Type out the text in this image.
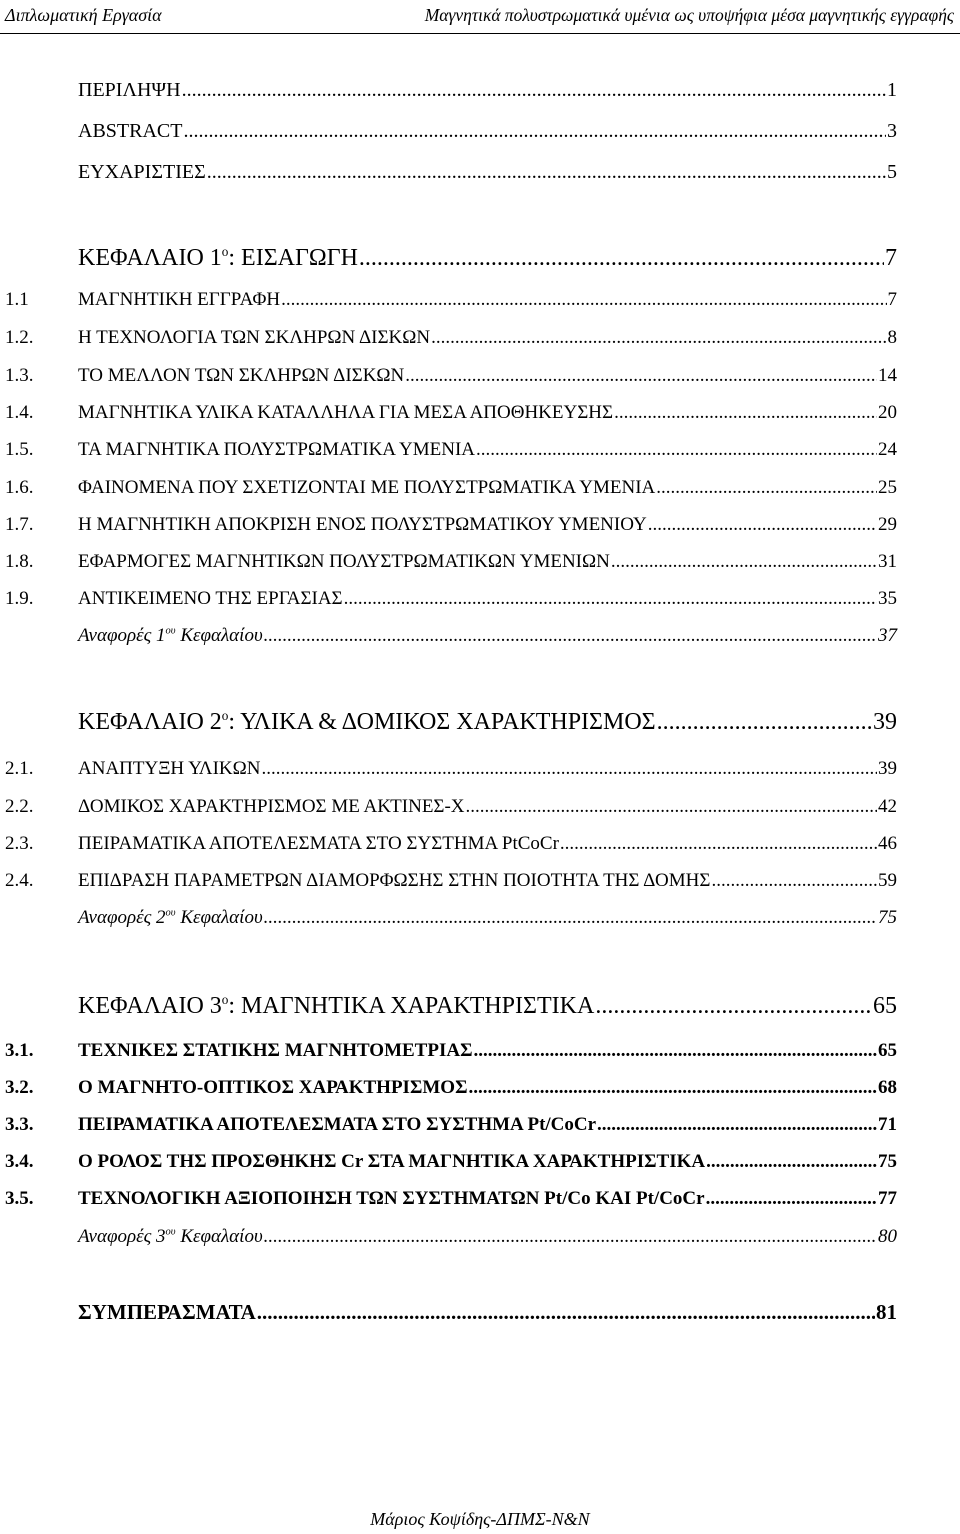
Διπλωματική Εργασία	Μαγνητικά πολυστρωματικά υμένια ως υποψήφια μέσα μαγνητικής εγγραφής
ΠΕΡΙΛΗΨΗ .....	1
ABSTRACT .....	3
ΕΥΧΑΡΙΣΤΙΕΣ .....	5
ΚΕΦΑΛΑΙΟ $1^o$: ΕΙΣΑΓΩΓΗ .....	7
1.1	ΜΑΓΝΗΤΙΚΗ ΕΓΓΡΑΦΗ .....	7
1.2. Η ΤΕΧΝΟΛΟΓΙΑ ΤΩΝ ΣΚΛΗΡΩΝ ΔΙΣΚΩΝ .....	8
1.3. ΤΟ ΜΕΛΛΟΝ ΤΩΝ ΣΚΛΗΡΩΝ ΔΙΣΚΩΝ .....	14
1.4. ΜΑΓΝΗΤΙΚΑ ΥΛΙΚΑ ΚΑΤΑΛΛΗΛΑ ΓΙΑ ΜΕΣΑ ΑΠΟΘΗΚΕΥΣΗΣ .....	20
1.5. ΤΑ ΜΑΓΝΗΤΙΚΑ ΠΟΛΥΣΤΡΩΜΑΤΙΚΑ ΥΜΕΝΙΑ .....	24
1.6. ΦΑΙΝΟΜΕΝΑ ΠΟΥ ΣΧΕΤΙΖΟΝΤΑΙ ΜΕ ΠΟΛΥΣΤΡΩΜΑΤΙΚΑ ΥΜΕΝΙΑ .....	25
1.7. Η ΜΑΓΝΗΤΙΚΗ ΑΠΟΚΡΙΣΗ ΕΝΟΣ ΠΟΛΥΣΤΡΩΜΑΤΙΚΟΥ ΥΜΕΝΙΟΥ .....	29
1.8. ΕΦΑΡΜΟΓΕΣ ΜΑΓΝΗΤΙΚΩΝ ΠΟΛΥΣΤΡΩΜΑΤΙΚΩΝ ΥΜΕΝΙΩΝ .....	31
1.9. ΑΝΤΙΚΕΙΜΕΝΟ ΤΗΣ ΕΡΓΑΣΙΑΣ .....	35
Αναφορές $1^{o\upsilon}$ Κεφαλαίου .....	37
ΚΕΦΑΛΑΙΟ $2^o$: ΥΛΙΚΑ & ΔΟΜΙΚΟΣ ΧΑΡΑΚΤΗΡΙΣΜΟΣ .....	39
2.1. ΑΝΑΠΤΥΞΗ ΥΛΙΚΩΝ .....	39
2.2. ΔΟΜΙΚΟΣ ΧΑΡΑΚΤΗΡΙΣΜΟΣ ΜΕ ΑΚΤΙΝΕΣ-Χ .....	42
2.3. ΠΕΙΡΑΜΑΤΙΚΑ ΑΠΟΤΕΛΕΣΜΑΤΑ ΣΤΟ ΣΥΣΤΗΜΑ PtCoCr .....	46
2.4. ΕΠΙΔΡΑΣΗ ΠΑΡΑΜΕΤΡΩΝ ΔΙΑΜΟΡΦΩΣΗΣ ΣΤΗΝ ΠΟΙΟΤΗΤΑ ΤΗΣ ΔΟΜΗΣ .....	59
Αναφορές $2^{o\upsilon}$ Κεφαλαίου .....	75
ΚΕΦΑΛΑΙΟ $3^o$: ΜΑΓΝΗΤΙΚΑ ΧΑΡΑΚΤΗΡΙΣΤΙΚΑ .....	65
3.1. ΤΕΧΝΙΚΕΣ ΣΤΑΤΙΚΗΣ ΜΑΓΝΗΤΟΜΕΤΡΙΑΣ .....	65
3.2. Ο ΜΑΓΝΗΤΟ-ΟΠΤΙΚΟΣ ΧΑΡΑΚΤΗΡΙΣΜΟΣ .....	68
3.3. ΠΕΙΡΑΜΑΤΙΚΑ ΑΠΟΤΕΛΕΣΜΑΤΑ ΣΤΟ ΣΥΣΤΗΜΑ Pt/CoCr .....	71
3.4. Ο ΡΟΛΟΣ ΤΗΣ ΠΡΟΣΘΗΚΗΣ Cr ΣΤΑ ΜΑΓΝΗΤΙΚΑ ΧΑΡΑΚΤΗΡΙΣΤΙΚΑ .....	75
3.5. ΤΕΧΝΟΛΟΓΙΚΗ ΑΞΙΟΠΟΙΗΣΗ ΤΩΝ ΣΥΣΤΗΜΑΤΩΝ Pt/Co ΚΑΙ Pt/CoCr .....	77
Αναφορές $3^{o\upsilon}$ Κεφαλαίου .....	80
ΣΥΜΠΕΡΑΣΜΑΤΑ .....	81
Μάριος Κοψίδης-ΔΠΜΣ-Ν&Ν
